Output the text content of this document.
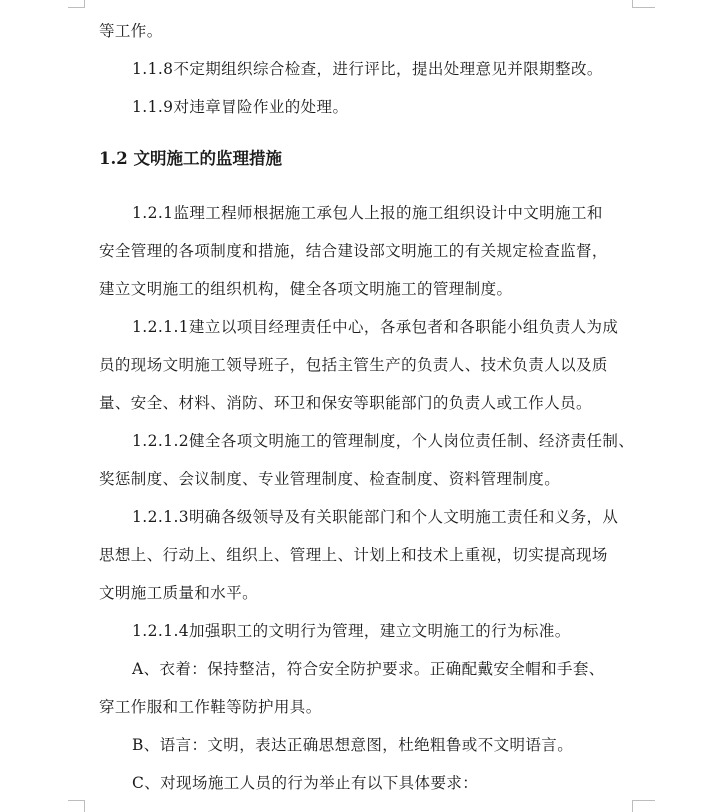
等工作。
1.1.8不定期组织综合检查，进行评比，提出处理意见并限期整改。
1.1.9对违章冒险作业的处理。
1.2 文明施工的监理措施
1.2.1监理工程师根据施工承包人上报的施工组织设计中文明施工和
安全管理的各项制度和措施，结合建设部文明施工的有关规定检查监督，
建立文明施工的组织机构，健全各项文明施工的管理制度。
1.2.1.1建立以项目经理责任中心，各承包者和各职能小组负责人为成
员的现场文明施工领导班子，包括主管生产的负责人、技术负责人以及质
量、安全、材料、消防、环卫和保安等职能部门的负责人或工作人员。
1.2.1.2健全各项文明施工的管理制度，个人岗位责任制、经济责任制、
奖惩制度、会议制度、专业管理制度、检查制度、资料管理制度。
1.2.1.3明确各级领导及有关职能部门和个人文明施工责任和义务，从
思想上、行动上、组织上、管理上、计划上和技术上重视，切实提高现场
文明施工质量和水平。
1.2.1.4加强职工的文明行为管理，建立文明施工的行为标准。
A、衣着：保持整洁，符合安全防护要求。正确配戴安全帽和手套、
穿工作服和工作鞋等防护用具。
B、语言：文明，表达正确思想意图，杜绝粗鲁或不文明语言。
C、对现场施工人员的行为举止有以下具体要求：
